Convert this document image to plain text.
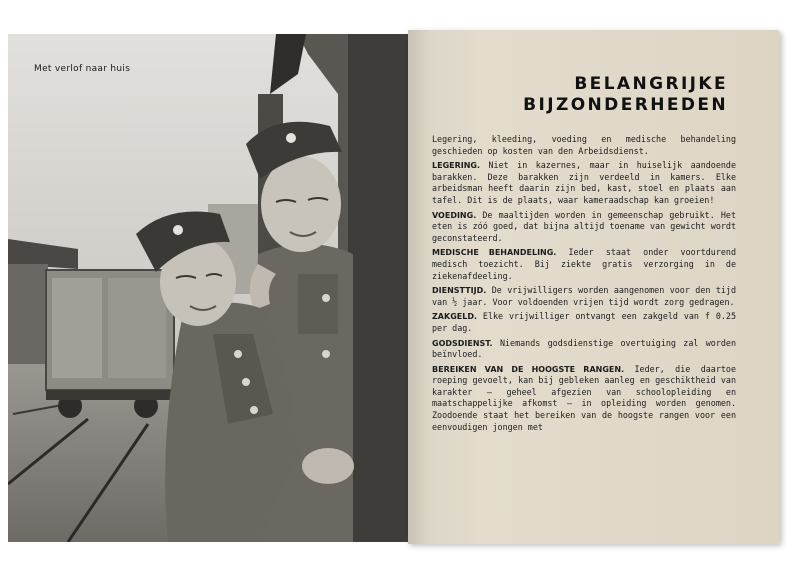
Met verlof naar huis
BELANGRIJKE
BIJZONDERHEDEN

Legering, kleeding, voeding en medische behandeling geschieden op kosten van den Arbeidsdienst.

LEGERING. Niet in kazernes, maar in huiselijk aandoende barakken. Deze barakken zijn verdeeld in kamers. Elke arbeidsman heeft daarin zijn bed, kast, stoel en plaats aan tafel. Dit is de plaats, waar kameraadschap kan groeien!

VOEDING. De maaltijden worden in gemeenschap gebruikt. Het eten is zóó goed, dat bijna altijd toename van gewicht wordt geconstateerd.

MEDISCHE BEHANDELING. Ieder staat onder voortdurend medisch toezicht. Bij ziekte gratis verzorging in de ziekenafdeeling.

DIENSTTIJD. De vrijwilligers worden aangenomen voor den tijd van ½ jaar. Voor voldoenden vrijen tijd wordt zorg gedragen.

ZAKGELD. Elke vrijwilliger ontvangt een zakgeld van f 0.25 per dag.

GODSDIENST. Niemands godsdienstige overtuiging zal worden beïnvloed.

BEREIKEN VAN DE HOOGSTE RANGEN. Ieder, die daartoe roeping gevoelt, kan bij gebleken aanleg en geschiktheid van karakter — geheel afgezien van schoolopleiding en maatschappelijke afkomst — in opleiding worden genomen. Zoodoende staat het bereiken van de hoogste rangen voor een eenvoudigen jongen met
